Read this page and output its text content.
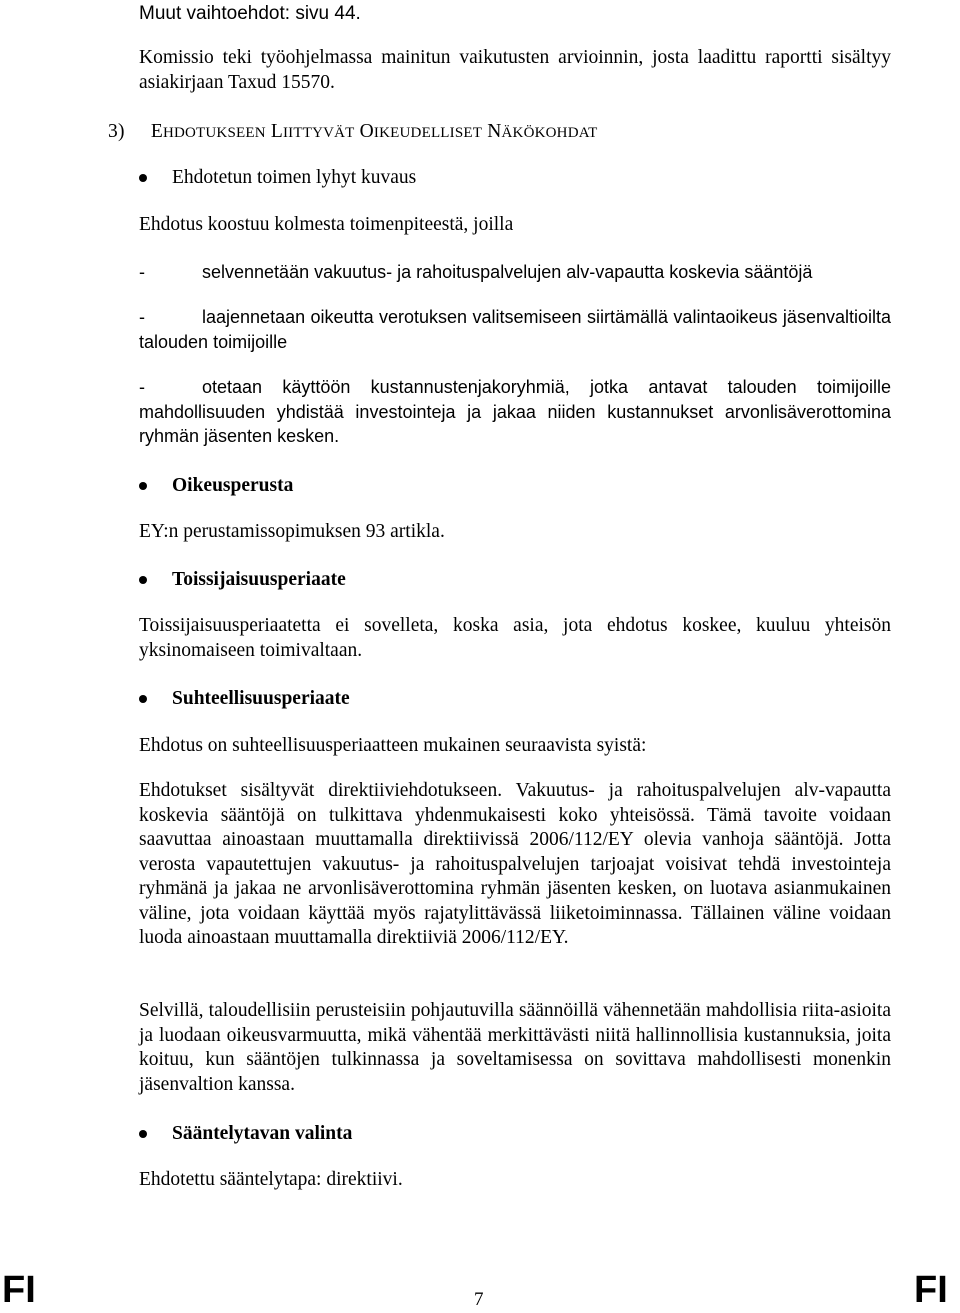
Muut vaihtoehdot: sivu 44.
Komissio teki työohjelmassa mainitun vaikutusten arvioinnin, josta laadittu raportti sisältyy asiakirjaan Taxud 15570.
3) EHDOTUKSEEN LIITTYVÄT OIKEUDELLISET NÄKÖKOHDAT
Ehdotetun toimen lyhyt kuvaus
Ehdotus koostuu kolmesta toimenpiteestä, joilla
-	selvennetään vakuutus- ja rahoituspalvelujen alv-vapautta koskevia sääntöjä
-	laajennetaan oikeutta verotuksen valitsemiseen siirtämällä valintaoikeus jäsenvaltioilta talouden toimijoille
-	otetaan käyttöön kustannustenjakoryhmiä, jotka antavat talouden toimijoille mahdollisuuden yhdistää investointeja ja jakaa niiden kustannukset arvonlisäverottomina ryhmän jäsenten kesken.
Oikeusperusta
EY:n perustamissopimuksen 93 artikla.
Toissijaisuusperiaate
Toissijaisuusperiaatetta ei sovelleta, koska asia, jota ehdotus koskee, kuuluu yhteisön yksinomaiseen toimivaltaan.
Suhteellisuusperiaate
Ehdotus on suhteellisuusperiaatteen mukainen seuraavista syistä:
Ehdotukset sisältyvät direktiiviehdotukseen. Vakuutus- ja rahoituspalvelujen alv-vapautta koskevia sääntöjä on tulkittava yhdenmukaisesti koko yhteisössä. Tämä tavoite voidaan saavuttaa ainoastaan muuttamalla direktiivissä 2006/112/EY olevia vanhoja sääntöjä. Jotta verosta vapautettujen vakuutus- ja rahoituspalvelujen tarjoajat voisivat tehdä investointeja ryhmänä ja jakaa ne arvonlisäverottomina ryhmän jäsenten kesken, on luotava asianmukainen väline, jota voidaan käyttää myös rajatylittävässä liiketoiminnassa. Tällainen väline voidaan luoda ainoastaan muuttamalla direktiiviä 2006/112/EY.
Selvillä, taloudellisiin perusteisiin pohjautuvilla säännöillä vähennetään mahdollisia riita-asioita ja luodaan oikeusvarmuutta, mikä vähentää merkittävästi niitä hallinnollisia kustannuksia, joita koituu, kun sääntöjen tulkinnassa ja soveltamisessa on sovittava mahdollisesti monenkin jäsenvaltion kanssa.
Sääntelytavan valinta
Ehdotettu sääntelytapa: direktiivi.
FI	7	FI
